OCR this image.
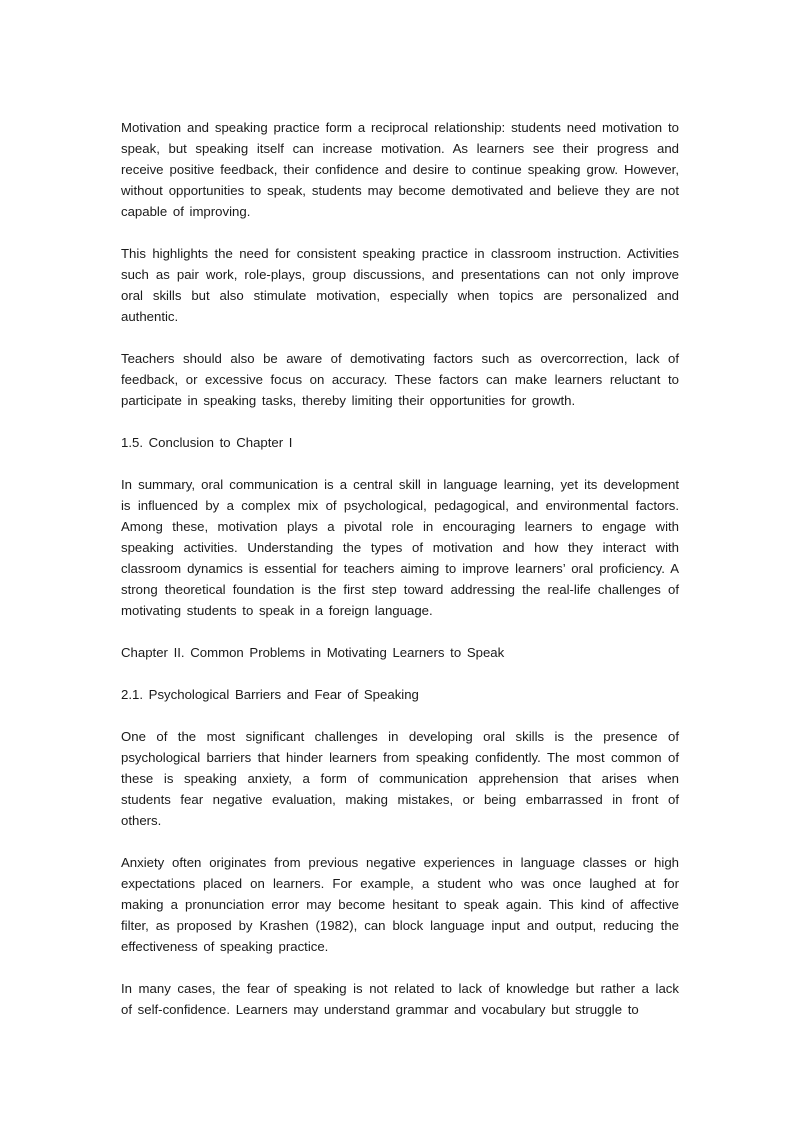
Motivation and speaking practice form a reciprocal relationship: students need motivation to speak, but speaking itself can increase motivation. As learners see their progress and receive positive feedback, their confidence and desire to continue speaking grow. However, without opportunities to speak, students may become demotivated and believe they are not capable of improving.

This highlights the need for consistent speaking practice in classroom instruction. Activities such as pair work, role-plays, group discussions, and presentations can not only improve oral skills but also stimulate motivation, especially when topics are personalized and authentic.

Teachers should also be aware of demotivating factors such as overcorrection, lack of feedback, or excessive focus on accuracy. These factors can make learners reluctant to participate in speaking tasks, thereby limiting their opportunities for growth.

1.5. Conclusion to Chapter I

In summary, oral communication is a central skill in language learning, yet its development is influenced by a complex mix of psychological, pedagogical, and environmental factors. Among these, motivation plays a pivotal role in encouraging learners to engage with speaking activities. Understanding the types of motivation and how they interact with classroom dynamics is essential for teachers aiming to improve learners’ oral proficiency. A strong theoretical foundation is the first step toward addressing the real-life challenges of motivating students to speak in a foreign language.

Chapter II. Common Problems in Motivating Learners to Speak

2.1. Psychological Barriers and Fear of Speaking

One of the most significant challenges in developing oral skills is the presence of psychological barriers that hinder learners from speaking confidently. The most common of these is speaking anxiety, a form of communication apprehension that arises when students fear negative evaluation, making mistakes, or being embarrassed in front of others.

Anxiety often originates from previous negative experiences in language classes or high expectations placed on learners. For example, a student who was once laughed at for making a pronunciation error may become hesitant to speak again. This kind of affective filter, as proposed by Krashen (1982), can block language input and output, reducing the effectiveness of speaking practice.

In many cases, the fear of speaking is not related to lack of knowledge but rather a lack of self-confidence. Learners may understand grammar and vocabulary but struggle to
